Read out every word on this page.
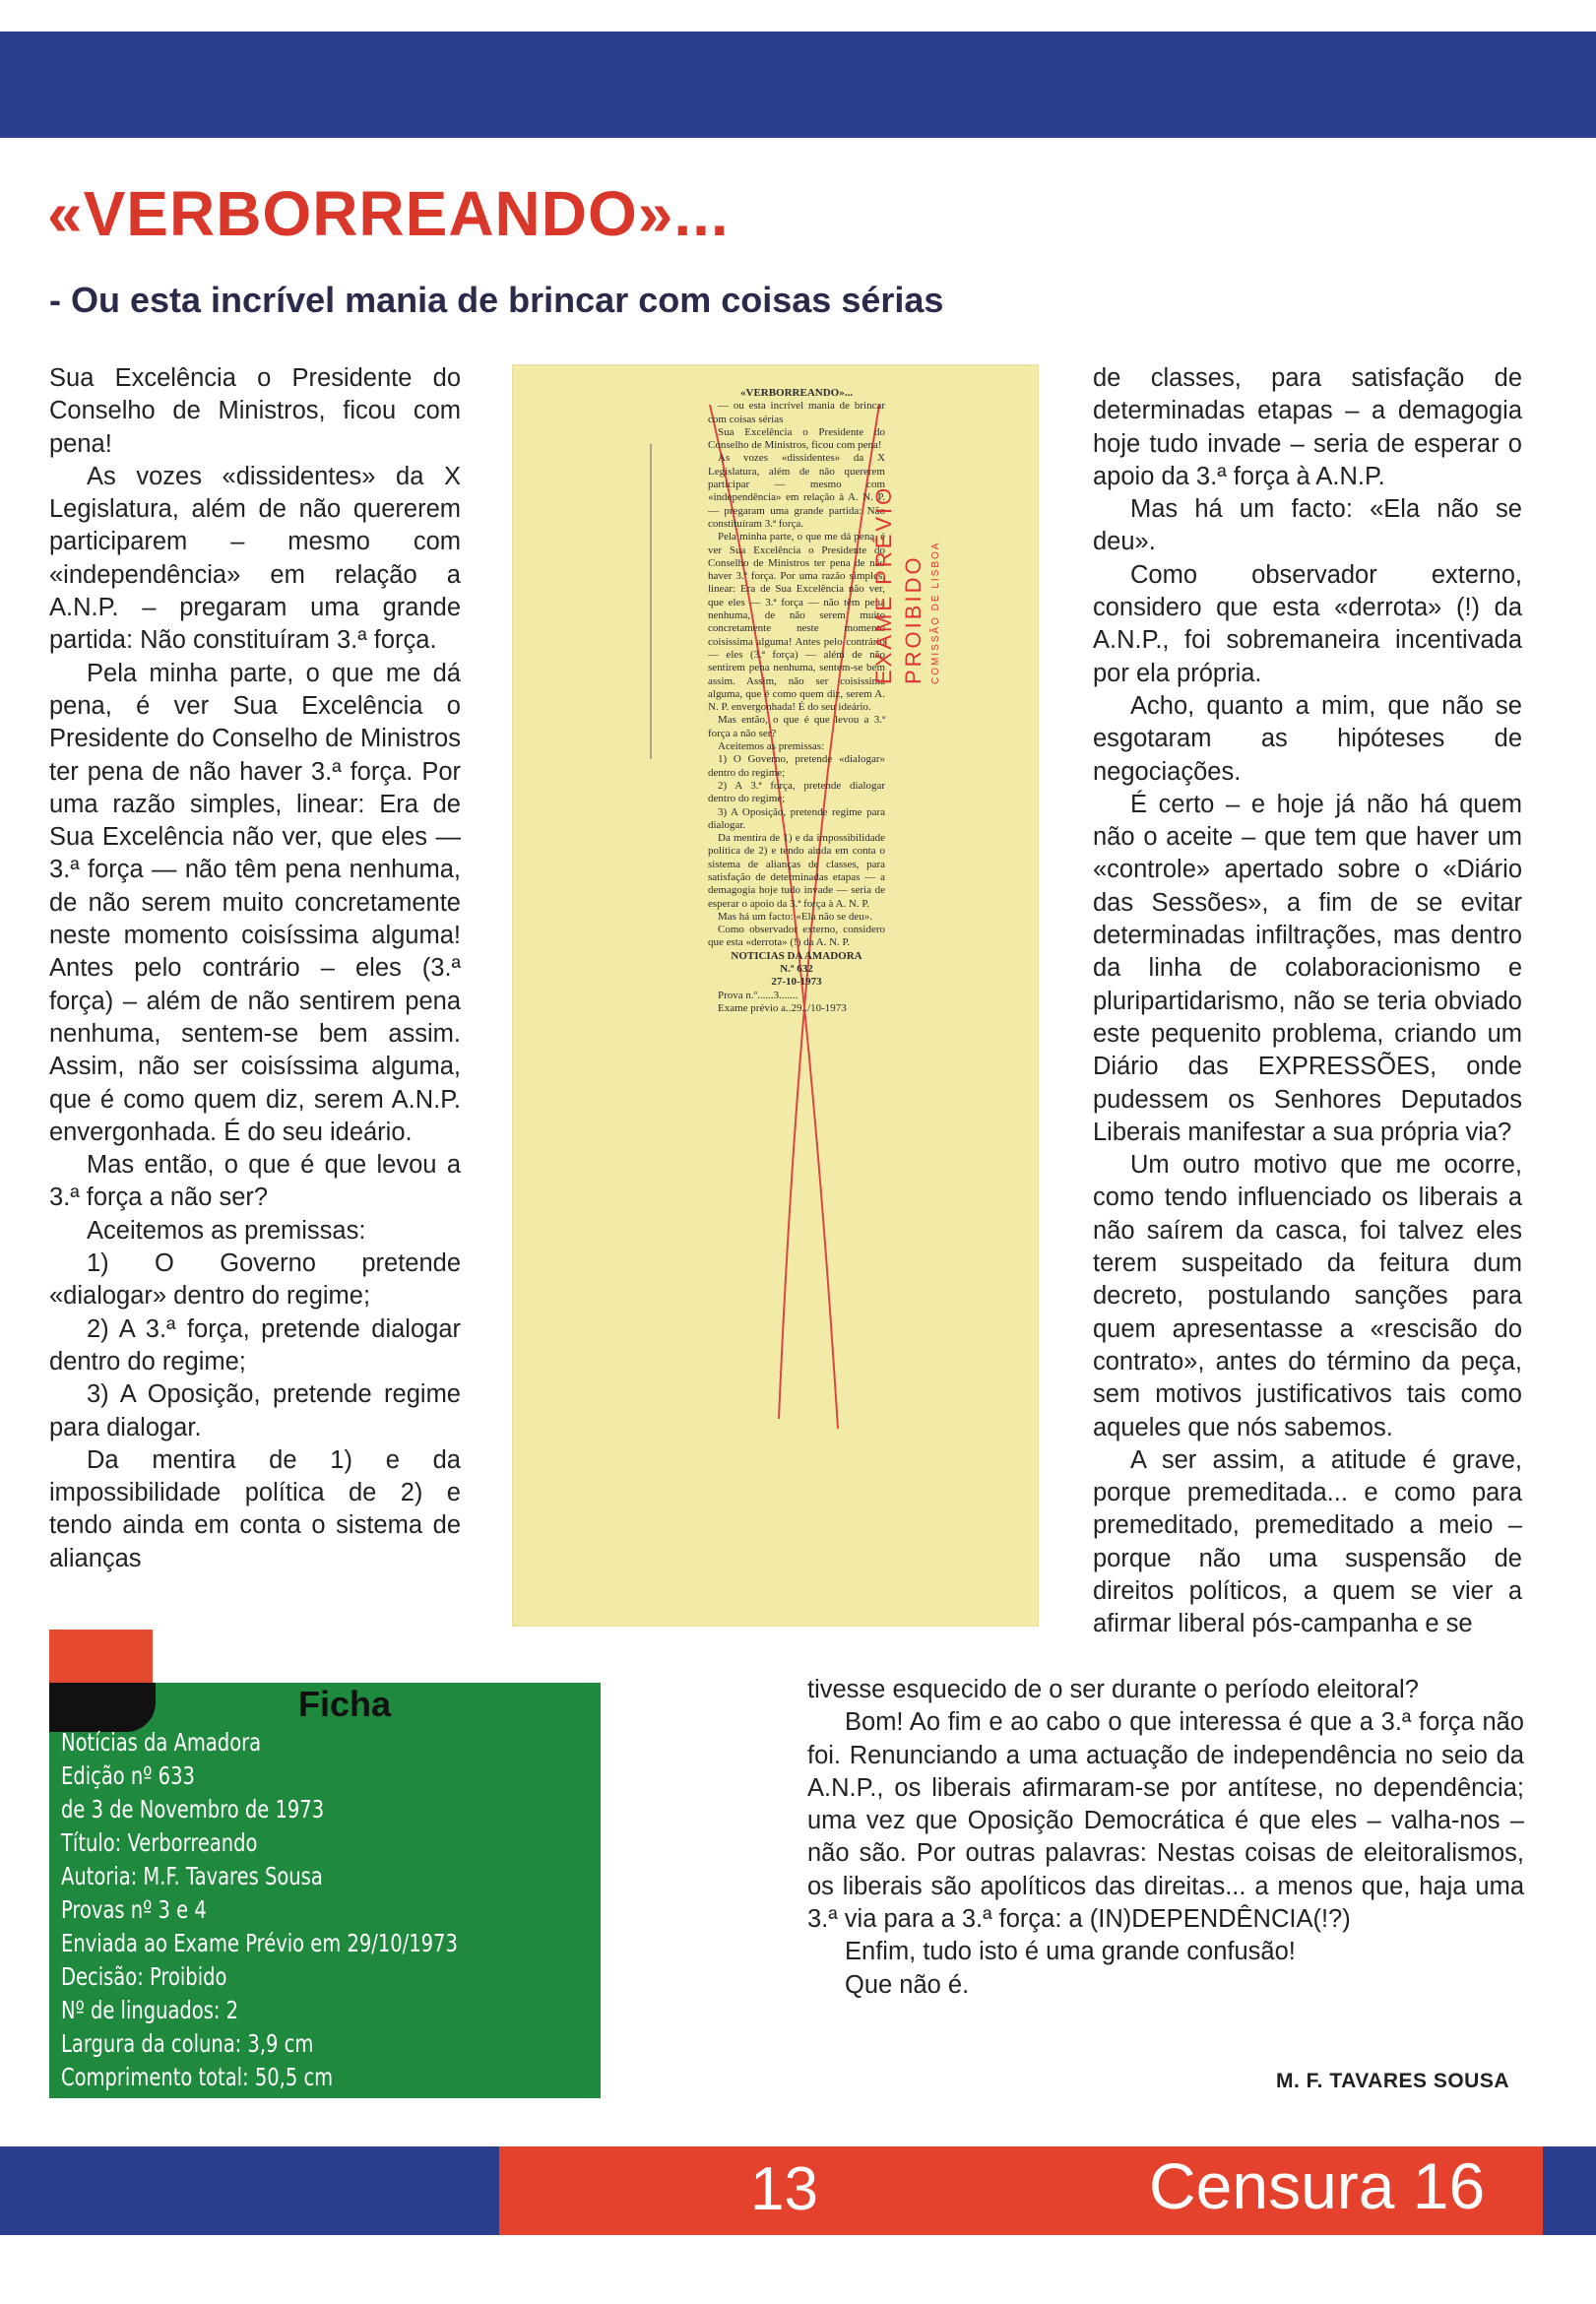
«VERBORREANDO»...
- Ou esta incrível mania de brincar com coisas sérias

Sua Excelência o Presidente do Conselho de Ministros, ficou com pena!

As vozes «dissidentes» da X Legislatura, além de não quererem participarem – mesmo com «independência» em relação a A.N.P. – pregaram uma grande partida: Não constituíram 3.ª força.

Pela minha parte, o que me dá pena, é ver Sua Excelência o Presidente do Conselho de Ministros ter pena de não haver 3.ª força. Por uma razão simples, linear: Era de Sua Excelência não ver, que eles — 3.ª força — não têm pena nenhuma, de não serem muito concretamente neste momento coisíssima alguma! Antes pelo contrário – eles (3.ª força) – além de não sentirem pena nenhuma, sentem-se bem assim. Assim, não ser coisíssima alguma, que é como quem diz, serem A.N.P. envergonhada. É do seu ideário.

Mas então, o que é que levou a 3.ª força a não ser?

Aceitemos as premissas:

1) O Governo pretende «dialogar» dentro do regime;

2) A 3.ª força, pretende dialogar dentro do regime;

3) A Oposição, pretende regime para dialogar.

Da mentira de 1) e da impossibilidade política de 2) e tendo ainda em conta o sistema de alianças

«VERBORREANDO»...

— ou esta incrível mania de brincar com coisas sérias

Sua Excelência o Presidente do Conselho de Ministros, ficou com pena!

As vozes «dissidentes» da X Legislatura, além de não quererem participar — mesmo com «independência» em relação à A. N. P. — pregaram uma grande partida: Não constituíram 3.ª força.

Pela minha parte, o que me dá pena, é ver Sua Excelência o Presidente do Conselho de Ministros ter pena de não haver 3.ª força. Por uma razão simples, linear: Era de Sua Excelência não ver, que eles — 3.ª força — não têm pena nenhuma, de não serem muito concretamente neste momento coisíssima alguma! Antes pelo contrário — eles (3.ª força) — além de não sentirem pena nenhuma, sentem-se bem assim. Assim, não ser coisíssima alguma, que é como quem diz, serem A. N. P. envergonhada! É do seu ideário.

Mas então, o que é que levou a 3.ª força a não ser?

Aceitemos as premissas:

1) O Governo, pretende «dialogar» dentro do regime;

2) A 3.ª força, pretende dialogar dentro do regime;

3) A Oposição, pretende regime para dialogar.

Da mentira de 1) e da impossibilidade política de 2) e tendo ainda em conta o sistema de alianças de classes, para satisfação de determinadas etapas — a demagogia hoje tudo invade — seria de esperar o apoio da 3.ª força à A. N. P.

Mas há um facto: «Ela não se deu».

Como observador externo, considero que esta «derrota» (!) da A. N. P.

NOTICIAS DA AMADORA

N.º 632

27-10-1973

Prova n.º......3.......

Exame prévio a..29../10-1973

EXAME PRÉVIO PROIBIDO COMISSÃO DE LISBOA

de classes, para satisfação de determinadas etapas – a demagogia hoje tudo invade – seria de esperar o apoio da 3.ª força à A.N.P.

Mas há um facto: «Ela não se deu».

Como observador externo, considero que esta «derrota» (!) da A.N.P., foi sobremaneira incentivada por ela própria.

Acho, quanto a mim, que não se esgotaram as hipóteses de negociações.

É certo – e hoje já não há quem não o aceite – que tem que haver um «controle» apertado sobre o «Diário das Sessões», a fim de se evitar determinadas infiltrações, mas dentro da linha de colaboracionismo e pluripartidarismo, não se teria obviado este pequenito problema, criando um Diário das EXPRESSÕES, onde pudessem os Senhores Deputados Liberais manifestar a sua própria via?

Um outro motivo que me ocorre, como tendo influenciado os liberais a não saírem da casca, foi talvez eles terem suspeitado da feitura dum decreto, postulando sanções para quem apresentasse a «rescisão do contrato», antes do término da peça, sem motivos justificativos tais como aqueles que nós sabemos.

A ser assim, a atitude é grave, porque premeditada... e como para premeditado, premeditado a meio – porque não uma suspensão de direitos políticos, a quem se vier a afirmar liberal pós-campanha e se

tivesse esquecido de o ser durante o período eleitoral?

Bom! Ao fim e ao cabo o que interessa é que a 3.ª força não foi. Renunciando a uma actuação de independência no seio da A.N.P., os liberais afirmaram-se por antítese, no dependência; uma vez que Oposição Democrática é que eles – valha-nos – não são. Por outras palavras: Nestas coisas de eleitoralismos, os liberais são apolíticos das direitas... a menos que, haja uma 3.ª via para a 3.ª força: a (IN)DEPENDÊNCIA(!?)

Enfim, tudo isto é uma grande confusão!

Que não é.

Ficha
Notícias da Amadora
Edição nº 633
de 3 de Novembro de 1973
Título: Verborreando
Autoria: M.F. Tavares Sousa
Provas nº 3 e 4
Enviada ao Exame Prévio em 29/10/1973
Decisão: Proibido
Nº de linguados: 2
Largura da coluna: 3,9 cm
Comprimento total: 50,5 cm	M. F. TAVARES SOUSA
13	Censura 16
